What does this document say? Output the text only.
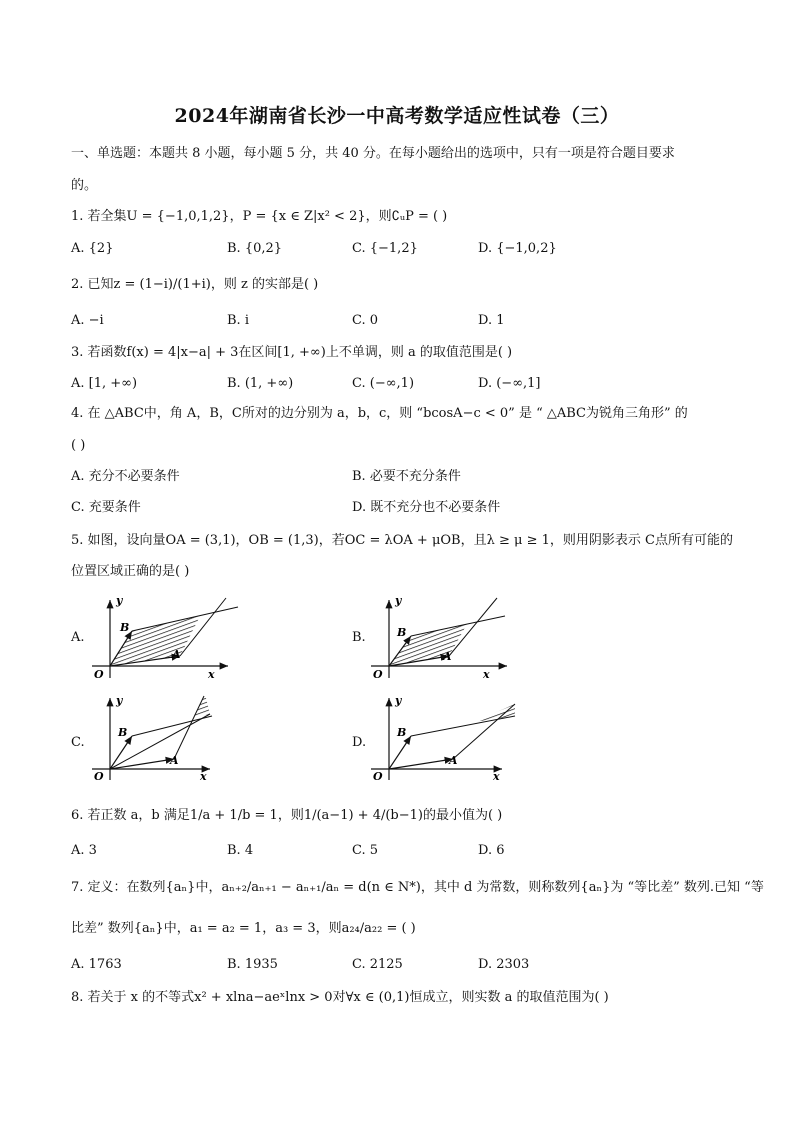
2024年湖南省长沙一中高考数学适应性试卷（三）
一、单选题：本题共 8 小题，每小题 5 分，共 40 分。在每小题给出的选项中，只有一项是符合题目要求
的。
1. 若全集U = {−1,0,1,2}，P = {x ∈ Z|x² < 2}，则∁ᵤP = ( )
A. {2}	B. {0,2}	C. {−1,2}	D. {−1,0,2}
2. 已知z = (1−i)/(1+i)，则 z 的实部是( )
A. −i	B. i	C. 0	D. 1
3. 若函数f(x) = 4|x−a| + 3在区间[1, +∞)上不单调，则 a 的取值范围是( )
A. [1, +∞)	B. (1, +∞)	C. (−∞,1)	D. (−∞,1]
4. 在 △ABC中，角 A，B，C所对的边分别为 a，b，c，则 “bcosA−c < 0” 是 “ △ABC为锐角三角形” 的
( )
A. 充分不必要条件	B. 必要不充分条件
C. 充要条件	D. 既不充分也不必要条件
5. 如图，设向量OA = (3,1)，OB = (1,3)，若OC = λOA + μOB，且λ ≥ μ ≥ 1，则用阴影表示 C点所有可能的
位置区域正确的是( )
A.	B.
C.	D.
y
x
O
B
A
y
x
O
B
A
y
x
O
B
A
y
x
O
B
A
6. 若正数 a，b 满足1/a + 1/b = 1，则1/(a−1) + 4/(b−1)的最小值为( )
A. 3	B. 4	C. 5	D. 6
7. 定义：在数列{aₙ}中，aₙ₊₂/aₙ₊₁ − aₙ₊₁/aₙ = d(n ∈ N*)，其中 d 为常数，则称数列{aₙ}为 “等比差” 数列.已知 “等
比差” 数列{aₙ}中，a₁ = a₂ = 1，a₃ = 3，则a₂₄/a₂₂ = ( )
A. 1763	B. 1935	C. 2125	D. 2303
8. 若关于 x 的不等式x² + xlna−aeˣlnx > 0对∀x ∈ (0,1)恒成立，则实数 a 的取值范围为( )
